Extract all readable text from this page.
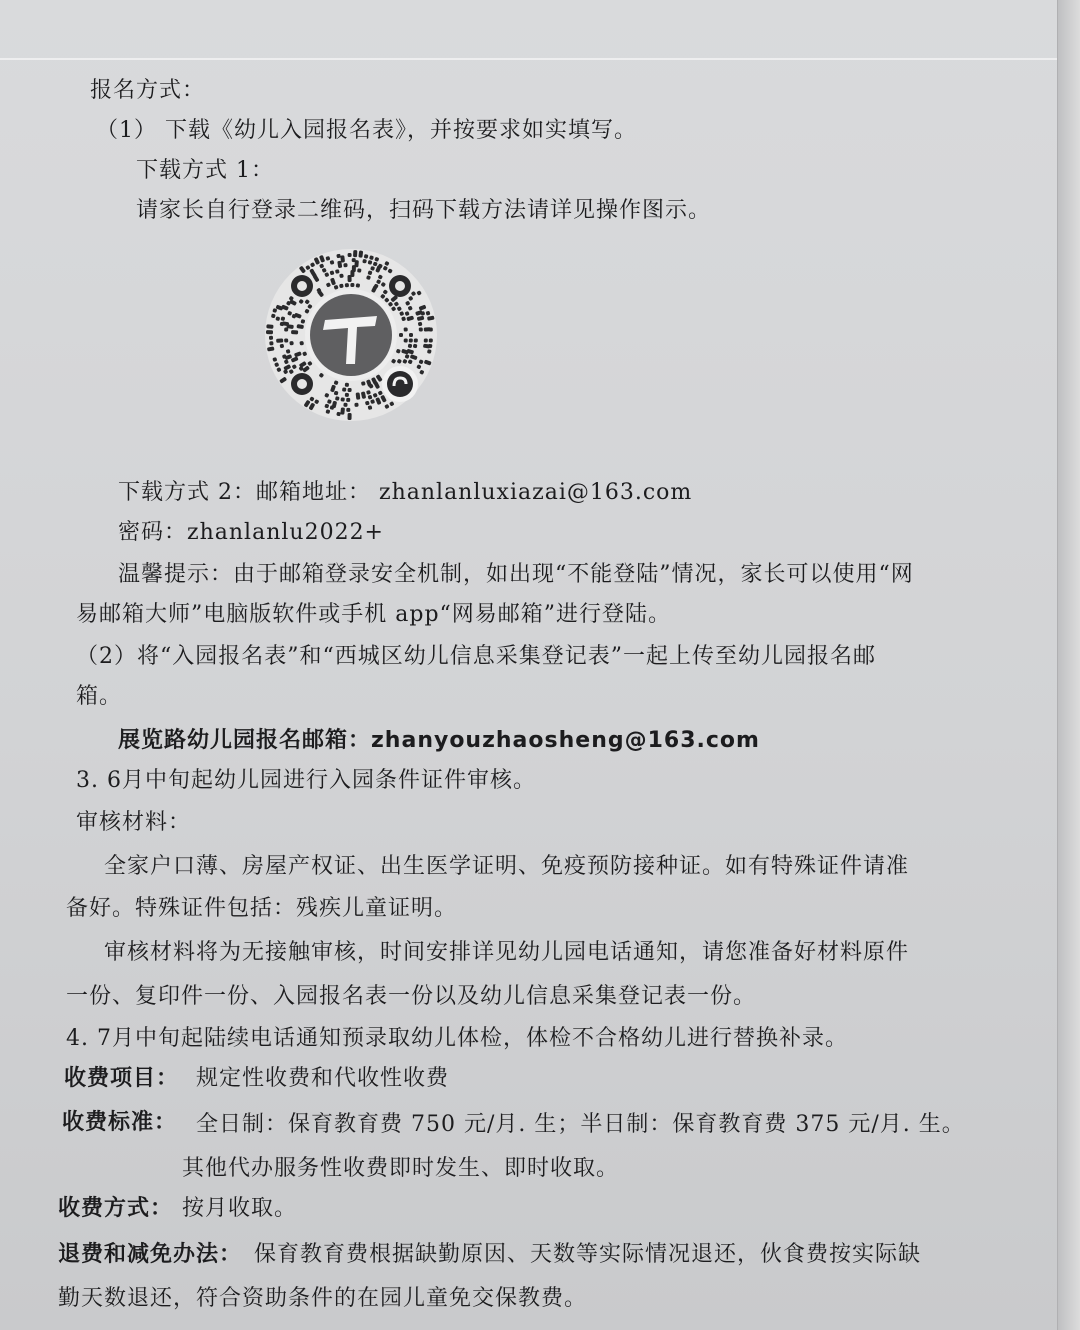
报名方式：
（1） 下载《幼儿入园报名表》，并按要求如实填写。
下载方式 1：
请家长自行登录二维码，扫码下载方法请详见操作图示。
下载方式 2：邮箱地址： zhanlanluxiazai@163.com
密码：zhanlanlu2022+
温馨提示：由于邮箱登录安全机制，如出现“不能登陆”情况，家长可以使用“网
易邮箱大师”电脑版软件或手机 app“网易邮箱”进行登陆。
（2）将“入园报名表”和“西城区幼儿信息采集登记表”一起上传至幼儿园报名邮
箱。
展览路幼儿园报名邮箱：zhanyouzhaosheng@163.com
3. 6月中旬起幼儿园进行入园条件证件审核。
审核材料：
全家户口薄、房屋产权证、出生医学证明、免疫预防接种证。如有特殊证件请准
备好。特殊证件包括：残疾儿童证明。
审核材料将为无接触审核，时间安排详见幼儿园电话通知，请您准备好材料原件
一份、复印件一份、入园报名表一份以及幼儿信息采集登记表一份。
4. 7月中旬起陆续电话通知预录取幼儿体检，体检不合格幼儿进行替换补录。
收费项目： 规定性收费和代收性收费
收费标准： 全日制：保育教育费 750 元/月. 生；半日制：保育教育费 375 元/月. 生。
其他代办服务性收费即时发生、即时收取。
收费方式： 按月收取。
退费和减免办法： 保育教育费根据缺勤原因、天数等实际情况退还，伙食费按实际缺
勤天数退还，符合资助条件的在园儿童免交保教费。
